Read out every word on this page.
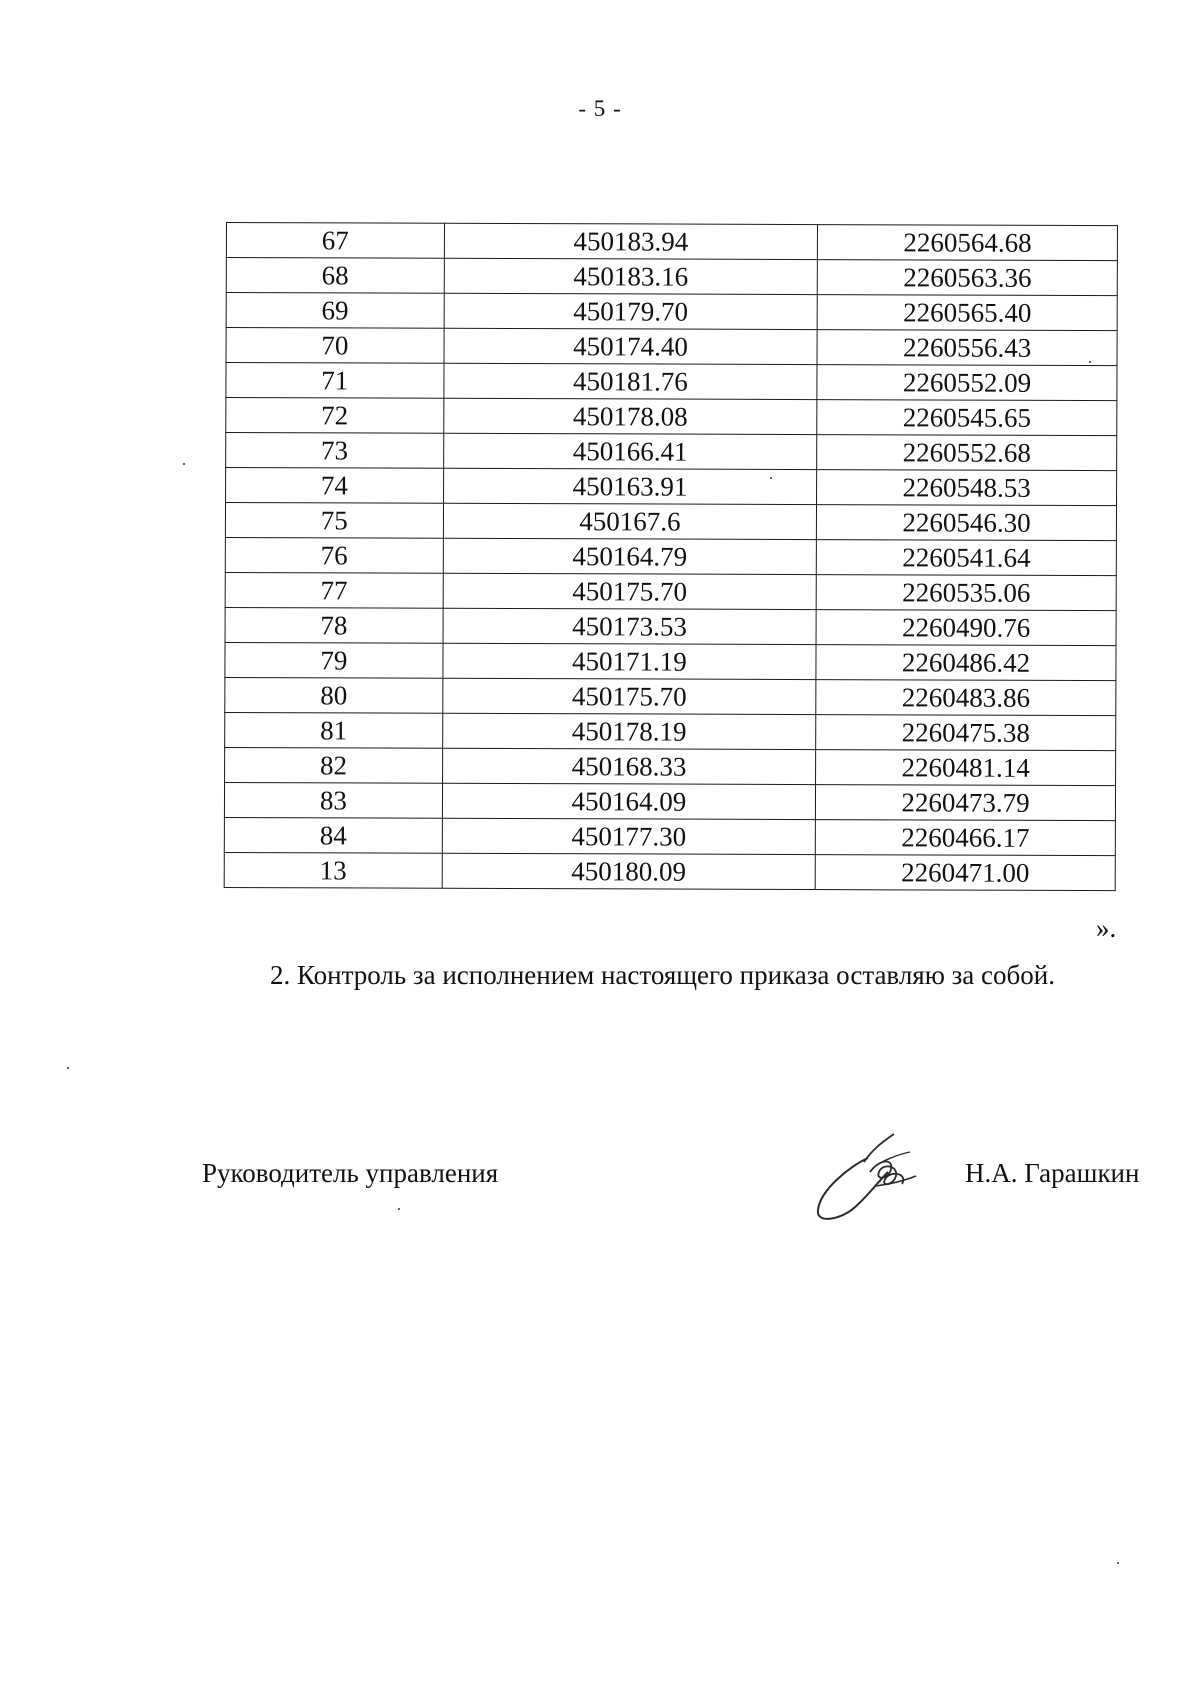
- 5 -
67	450183.94	2260564.68
68	450183.16	2260563.36
69	450179.70	2260565.40
70	450174.40	2260556.43
71	450181.76	2260552.09
72	450178.08	2260545.65
73	450166.41	2260552.68
74	450163.91	2260548.53
75	450167.6	2260546.30
76	450164.79	2260541.64
77	450175.70	2260535.06
78	450173.53	2260490.76
79	450171.19	2260486.42
80	450175.70	2260483.86
81	450178.19	2260475.38
82	450168.33	2260481.14
83	450164.09	2260473.79
84	450177.30	2260466.17
13	450180.09	2260471.00
».
2. Контроль за исполнением настоящего приказа оставляю за собой.
Руководитель управления	Н.А. Гарашкин
